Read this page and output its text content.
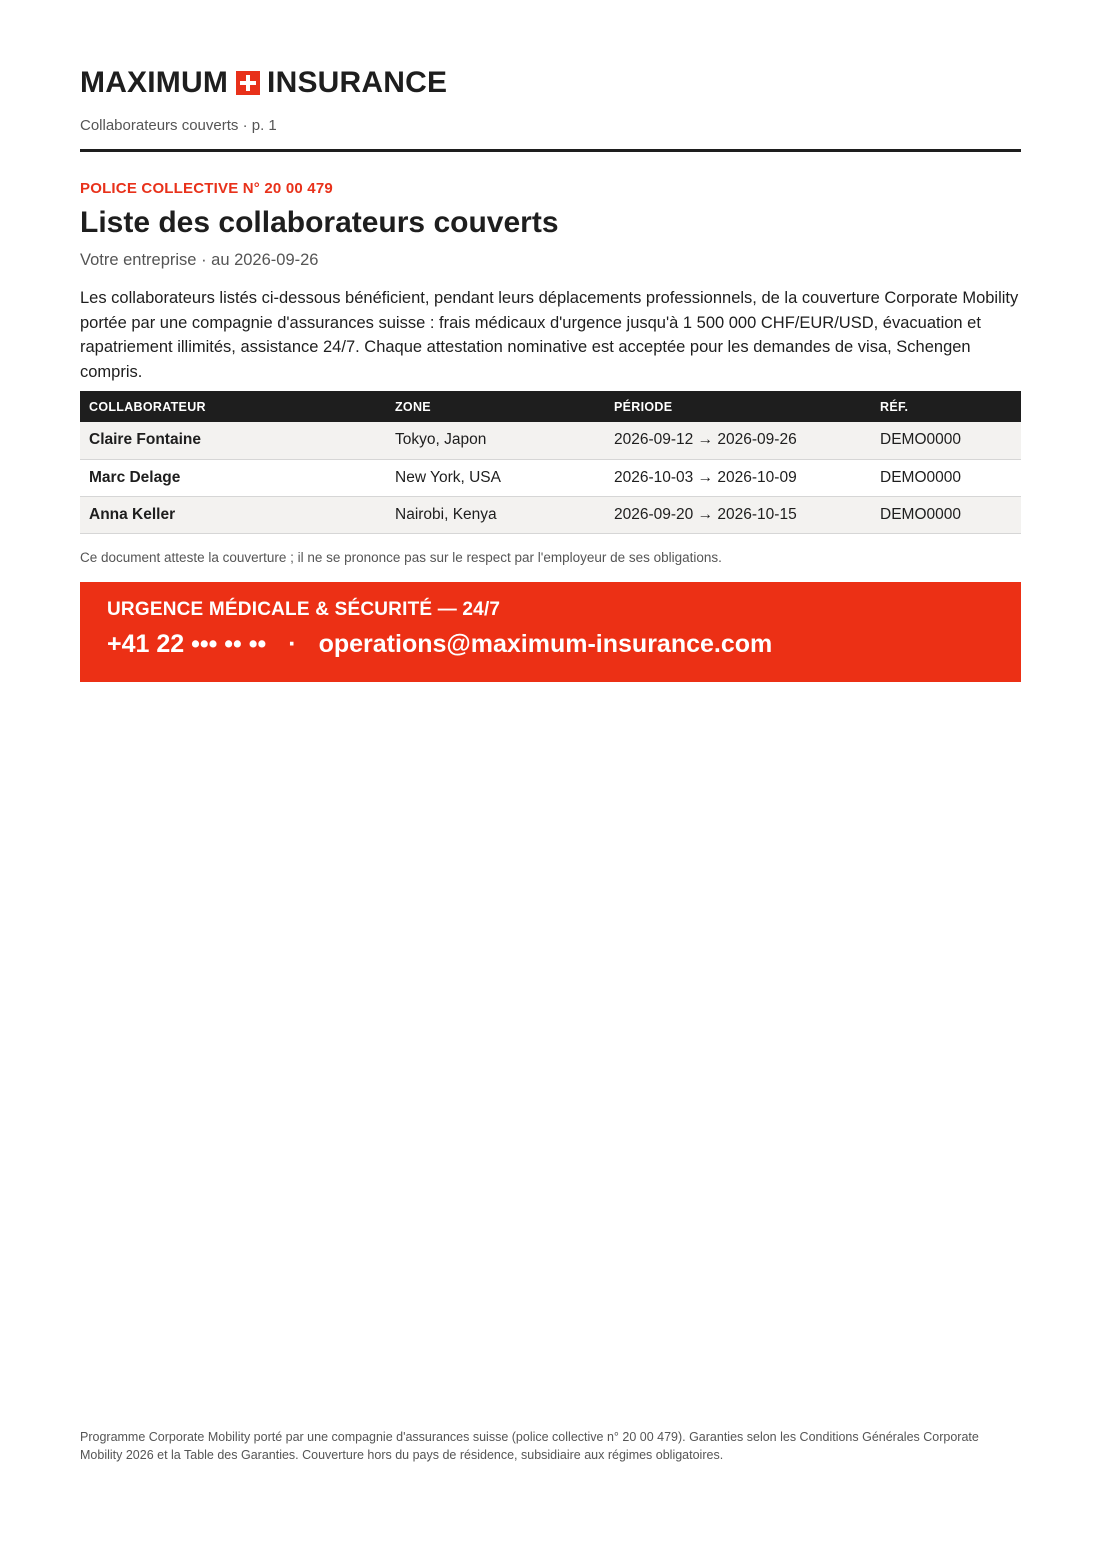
MAXIMUM INSURANCE
Collaborateurs couverts · p. 1
POLICE COLLECTIVE N° 20 00 479
Liste des collaborateurs couverts
Votre entreprise · au 2026-09-26

Les collaborateurs listés ci-dessous bénéficient, pendant leurs déplacements professionnels, de la couverture Corporate Mobility portée par une compagnie d'assurances suisse : frais médicaux d'urgence jusqu'à 1 500 000 CHF/EUR/USD, évacuation et rapatriement illimités, assistance 24/7. Chaque attestation nominative est acceptée pour les demandes de visa, Schengen compris.

COLLABORATEUR	ZONE	PÉRIODE	RÉF.
Claire Fontaine	Tokyo, Japon	2026-09-12 → 2026-09-26	DEMO0000
Marc Delage	New York, USA	2026-10-03 → 2026-10-09	DEMO0000
Anna Keller	Nairobi, Kenya	2026-09-20 → 2026-10-15	DEMO0000
Ce document atteste la couverture ; il ne se prononce pas sur le respect par l'employeur de ses obligations.
URGENCE MÉDICALE & SÉCURITÉ — 24/7
+41 22 ••• •• •• · operations@maximum-insurance.com

Programme Corporate Mobility porté par une compagnie d'assurances suisse (police collective n° 20 00 479). Garanties selon les Conditions Générales Corporate Mobility 2026 et la Table des Garanties. Couverture hors du pays de résidence, subsidiaire aux régimes obligatoires.
